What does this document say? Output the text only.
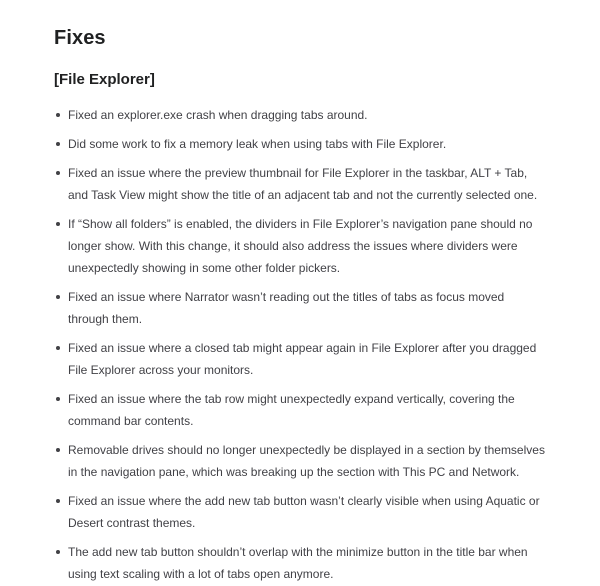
Fixes
[File Explorer]
Fixed an explorer.exe crash when dragging tabs around.
Did some work to fix a memory leak when using tabs with File Explorer.
Fixed an issue where the preview thumbnail for File Explorer in the taskbar, ALT + Tab,
and Task View might show the title of an adjacent tab and not the currently selected one.
If “Show all folders” is enabled, the dividers in File Explorer’s navigation pane should no
longer show. With this change, it should also address the issues where dividers were
unexpectedly showing in some other folder pickers.
Fixed an issue where Narrator wasn’t reading out the titles of tabs as focus moved
through them.
Fixed an issue where a closed tab might appear again in File Explorer after you dragged
File Explorer across your monitors.
Fixed an issue where the tab row might unexpectedly expand vertically, covering the
command bar contents.
Removable drives should no longer unexpectedly be displayed in a section by themselves
in the navigation pane, which was breaking up the section with This PC and Network.
Fixed an issue where the add new tab button wasn’t clearly visible when using Aquatic or
Desert contrast themes.
The add new tab button shouldn’t overlap with the minimize button in the title bar when
using text scaling with a lot of tabs open anymore.
